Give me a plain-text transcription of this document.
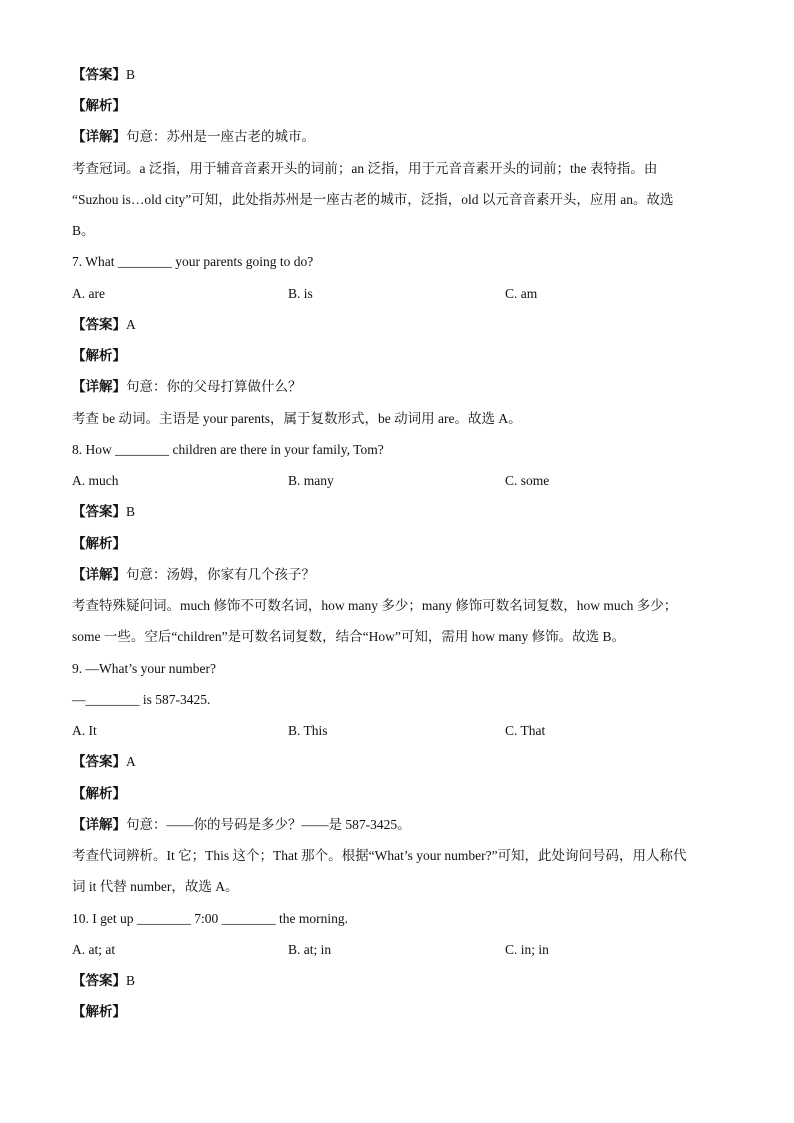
【答案】B
【解析】
【详解】句意：苏州是一座古老的城市。
考查冠词。a 泛指，用于辅音音素开头的词前；an 泛指，用于元音音素开头的词前；the 表特指。由
“Suzhou is…old city”可知，此处指苏州是一座古老的城市，泛指，old 以元音音素开头，应用 an。故选
B。
7. What ________ your parents going to do?
A. are	B. is	C. am
【答案】A
【解析】
【详解】句意：你的父母打算做什么？
考查 be 动词。主语是 your parents，属于复数形式，be 动词用 are。故选 A。
8. How ________ children are there in your family, Tom?
A. much	B. many	C. some
【答案】B
【解析】
【详解】句意：汤姆，你家有几个孩子？
考查特殊疑问词。much 修饰不可数名词，how many 多少；many 修饰可数名词复数，how much 多少；
some 一些。空后“children”是可数名词复数，结合“How”可知，需用 how many 修饰。故选 B。
9. —What’s your number?
—________ is 587-3425.
A. It	B. This	C. That
【答案】A
【解析】
【详解】句意：——你的号码是多少？——是 587-3425。
考查代词辨析。It 它；This 这个；That 那个。根据“What’s your number?”可知，此处询问号码，用人称代
词 it 代替 number，故选 A。
10. I get up ________ 7:00 ________ the morning.
A. at; at	B. at; in	C. in; in
【答案】B
【解析】
